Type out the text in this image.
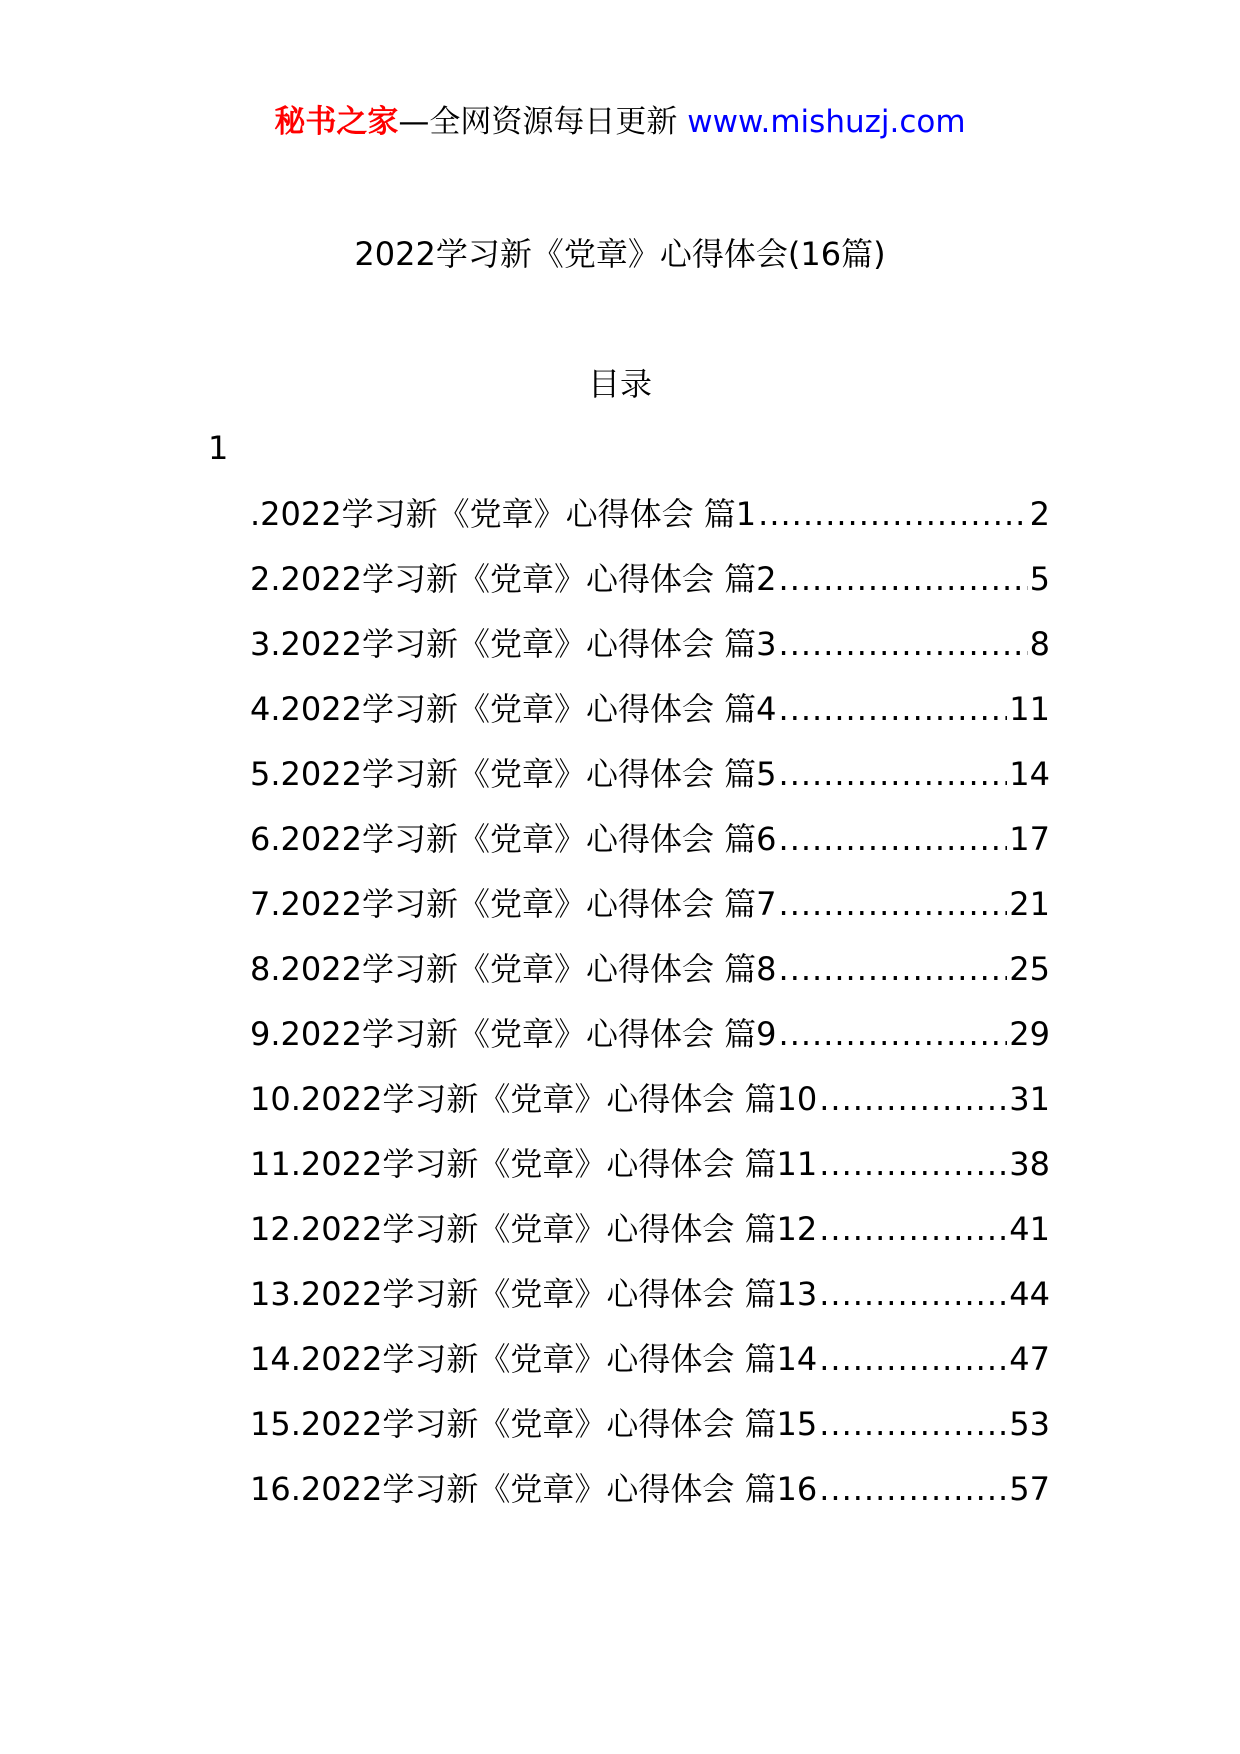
秘书之家—全网资源每日更新 www.mishuzj.com
2022学习新《党章》心得体会(16篇)
目录
1
.2022学习新《党章》心得体会 篇1 .....	2
2.2022学习新《党章》心得体会 篇2 .....	5
3.2022学习新《党章》心得体会 篇3 .....	8
4.2022学习新《党章》心得体会 篇4 .....	11
5.2022学习新《党章》心得体会 篇5 .....	14
6.2022学习新《党章》心得体会 篇6 .....	17
7.2022学习新《党章》心得体会 篇7 .....	21
8.2022学习新《党章》心得体会 篇8 .....	25
9.2022学习新《党章》心得体会 篇9 .....	29
10.2022学习新《党章》心得体会 篇10 .....	31
11.2022学习新《党章》心得体会 篇11 .....	38
12.2022学习新《党章》心得体会 篇12 .....	41
13.2022学习新《党章》心得体会 篇13 .....	44
14.2022学习新《党章》心得体会 篇14 .....	47
15.2022学习新《党章》心得体会 篇15 .....	53
16.2022学习新《党章》心得体会 篇16 .....	57
